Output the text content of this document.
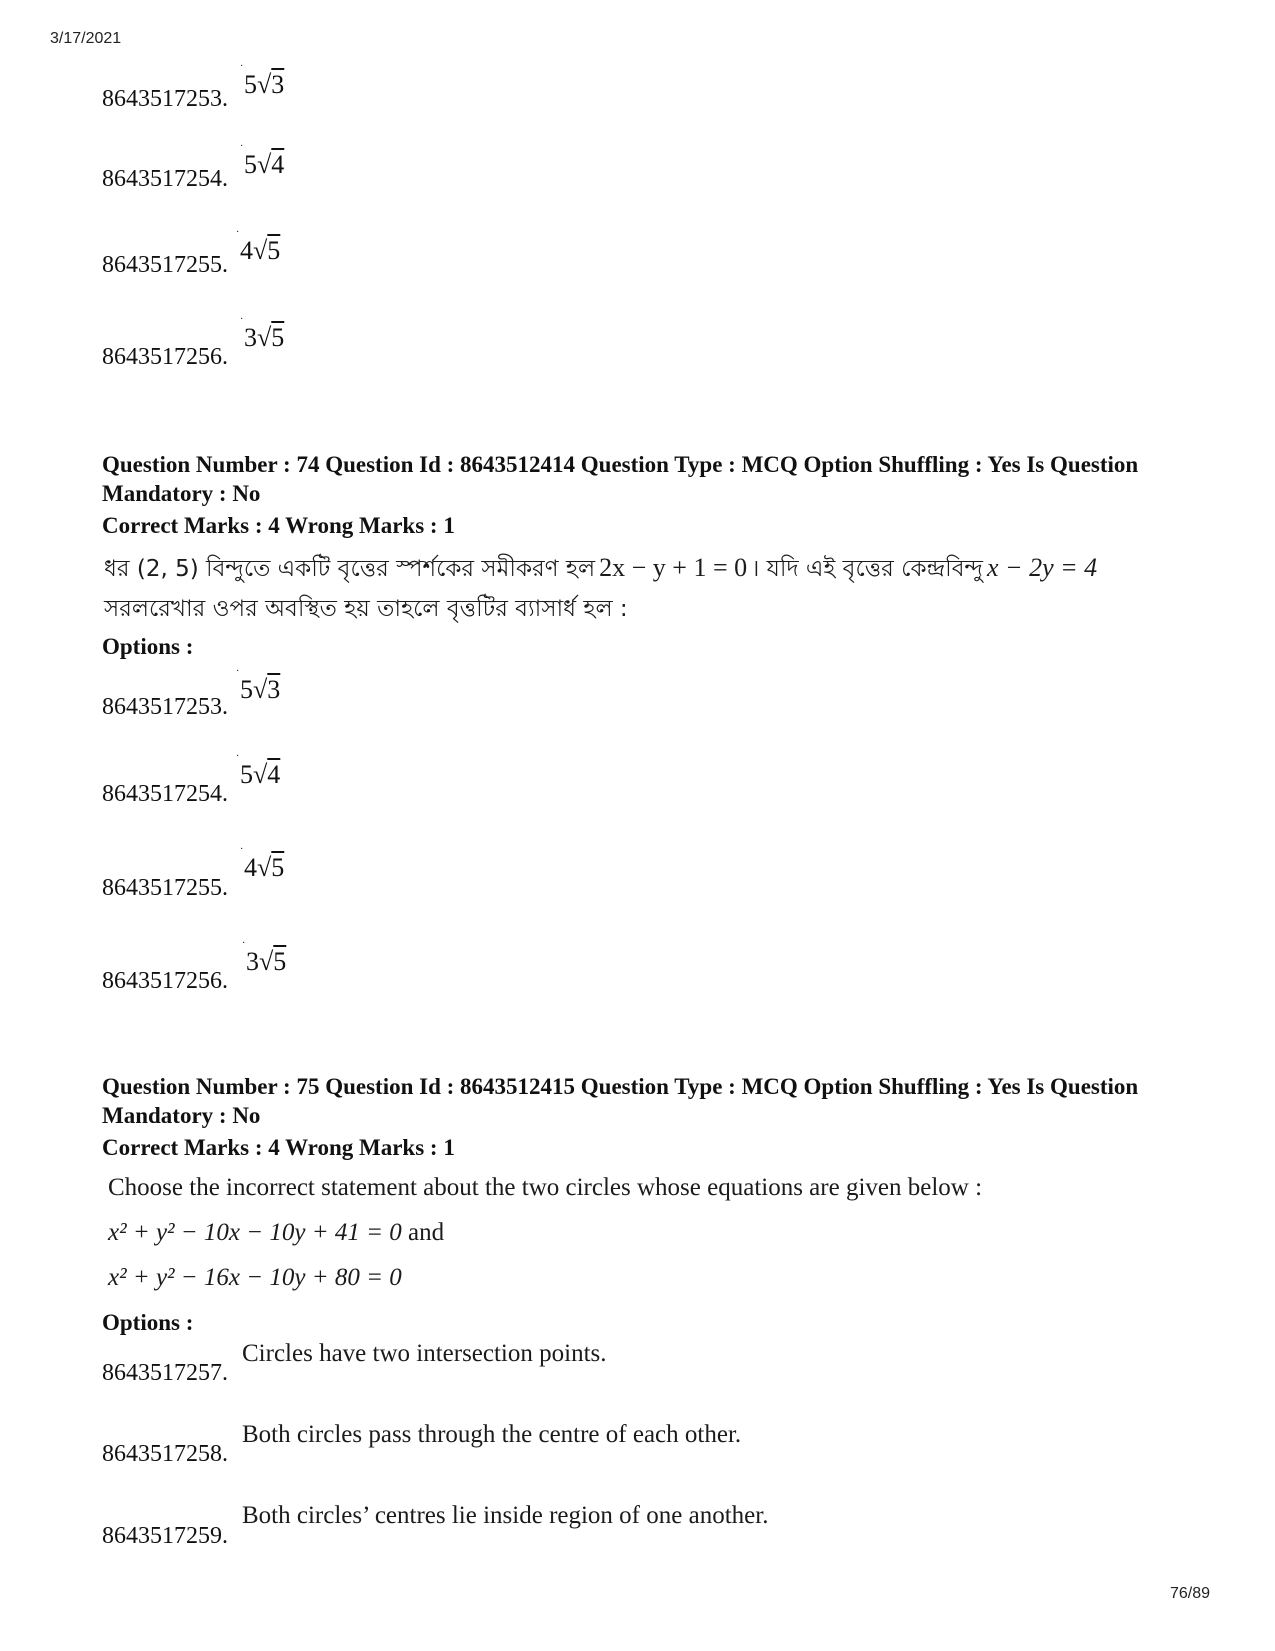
3/17/2021
8643517253.
·
5√3
8643517254.
·
5√4
8643517255.
·
4√5
8643517256.
·
3√5
Question Number : 74 Question Id : 8643512414 Question Type : MCQ Option Shuffling : Yes Is Question Mandatory : No
Correct Marks : 4 Wrong Marks : 1
ধর (2, 5) বিন্দুতে একটি বৃত্তের স্পর্শকের সমীকরণ হল 2x − y + 1 = 0 । যদি এই বৃত্তের কেন্দ্রবিন্দু x − 2y = 4
সরলরেখার ওপর অবস্থিত হয় তাহলে বৃত্তটির ব্যাসার্ধ হল :
Options :
8643517253.
·
5√3
8643517254.
·
5√4
8643517255.
·
4√5
8643517256.
·
3√5
Question Number : 75 Question Id : 8643512415 Question Type : MCQ Option Shuffling : Yes Is Question Mandatory : No
Correct Marks : 4 Wrong Marks : 1
Choose the incorrect statement about the two circles whose equations are given below :
x² + y² − 10x − 10y + 41 = 0 and
x² + y² − 16x − 10y + 80 = 0
Options :
8643517257.
Circles have two intersection points.
8643517258.
Both circles pass through the centre of each other.
8643517259.
Both circles’ centres lie inside region of one another.
76/89
